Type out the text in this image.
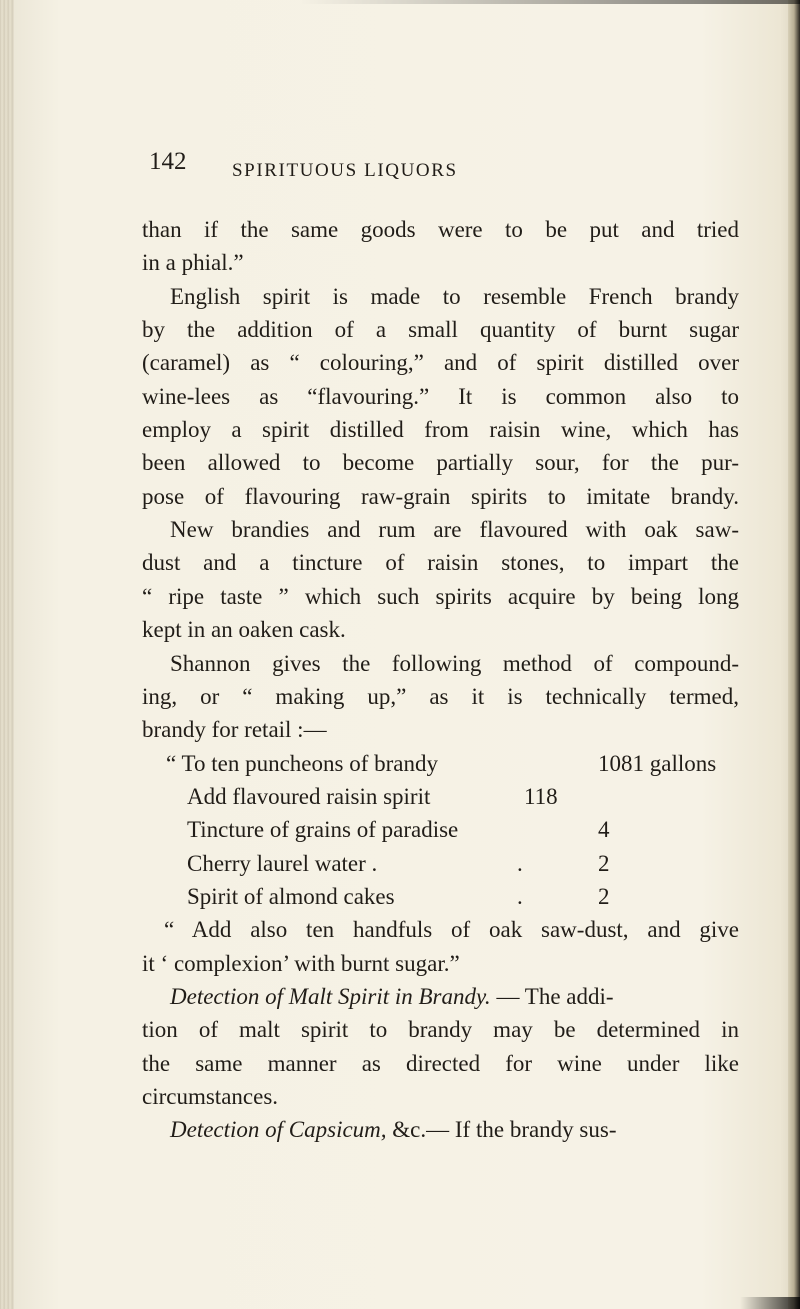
142 SPIRITUOUS LIQUORS
than if the same goods were to be put and tried
in a phial.”
English spirit is made to resemble French brandy
by the addition of a small quantity of burnt sugar
(caramel) as “ colouring,” and of spirit distilled over
wine-lees as “flavouring.” It is common also to
employ a spirit distilled from raisin wine, which has
been allowed to become partially sour, for the pur-
pose of flavouring raw-grain spirits to imitate brandy.
New brandies and rum are flavoured with oak saw-
dust and a tincture of raisin stones, to impart the
“ ripe taste ” which such spirits acquire by being long
kept in an oaken cask.
Shannon gives the following method of compound-
ing, or “ making up,” as it is technically termed,
brandy for retail :—
“ To ten puncheons of brandy	1081 gallons
Add flavoured raisin spirit	118
Tincture of grains of paradise	4
Cherry laurel water .	.	2
Spirit of almond cakes	.	2
“ Add also ten handfuls of oak saw-dust, and give
it ‘ complexion’ with burnt sugar.”
Detection of Malt Spirit in Brandy. — The addi-
tion of malt spirit to brandy may be determined in
the same manner as directed for wine under like
circumstances.
Detection of Capsicum, &c.— If the brandy sus-
